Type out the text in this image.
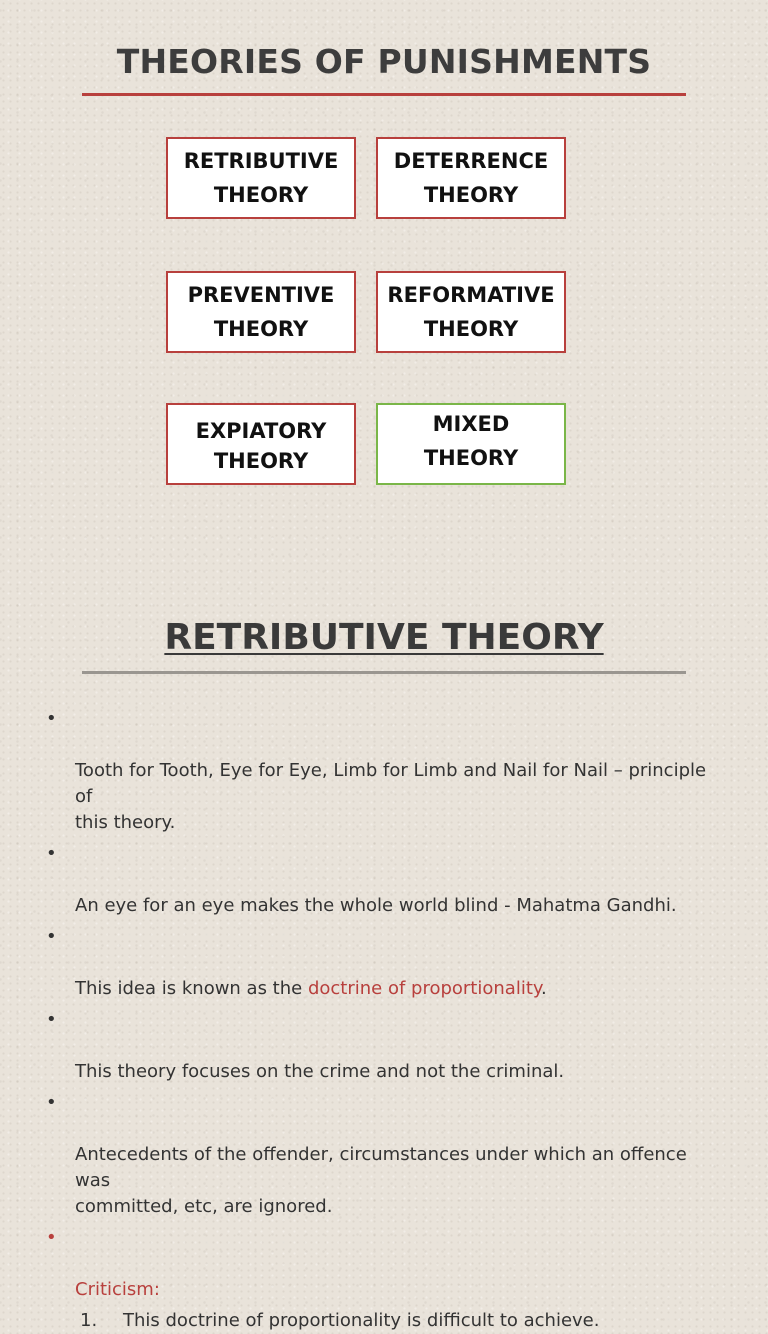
THEORIES OF PUNISHMENTS
RETRIBUTIVE
THEORY
DETERRENCE
THEORY
PREVENTIVE
THEORY
REFORMATIVE
THEORY
EXPIATORY
THEORY
MIXED
THEORY
RETRIBUTIVE THEORY

•

Tooth for Tooth, Eye for Eye, Limb for Limb and Nail for Nail – principle
of
this theory.

•

An eye for an eye makes the whole world blind - Mahatma Gandhi.

•

This idea is known as the doctrine of proportionality.

•

This theory focuses on the crime and not the criminal.

•

Antecedents of the offender, circumstances under which an offence
was
committed, etc, are ignored.

•

Criticism:

1. This doctrine of proportionality is difficult to achieve.
